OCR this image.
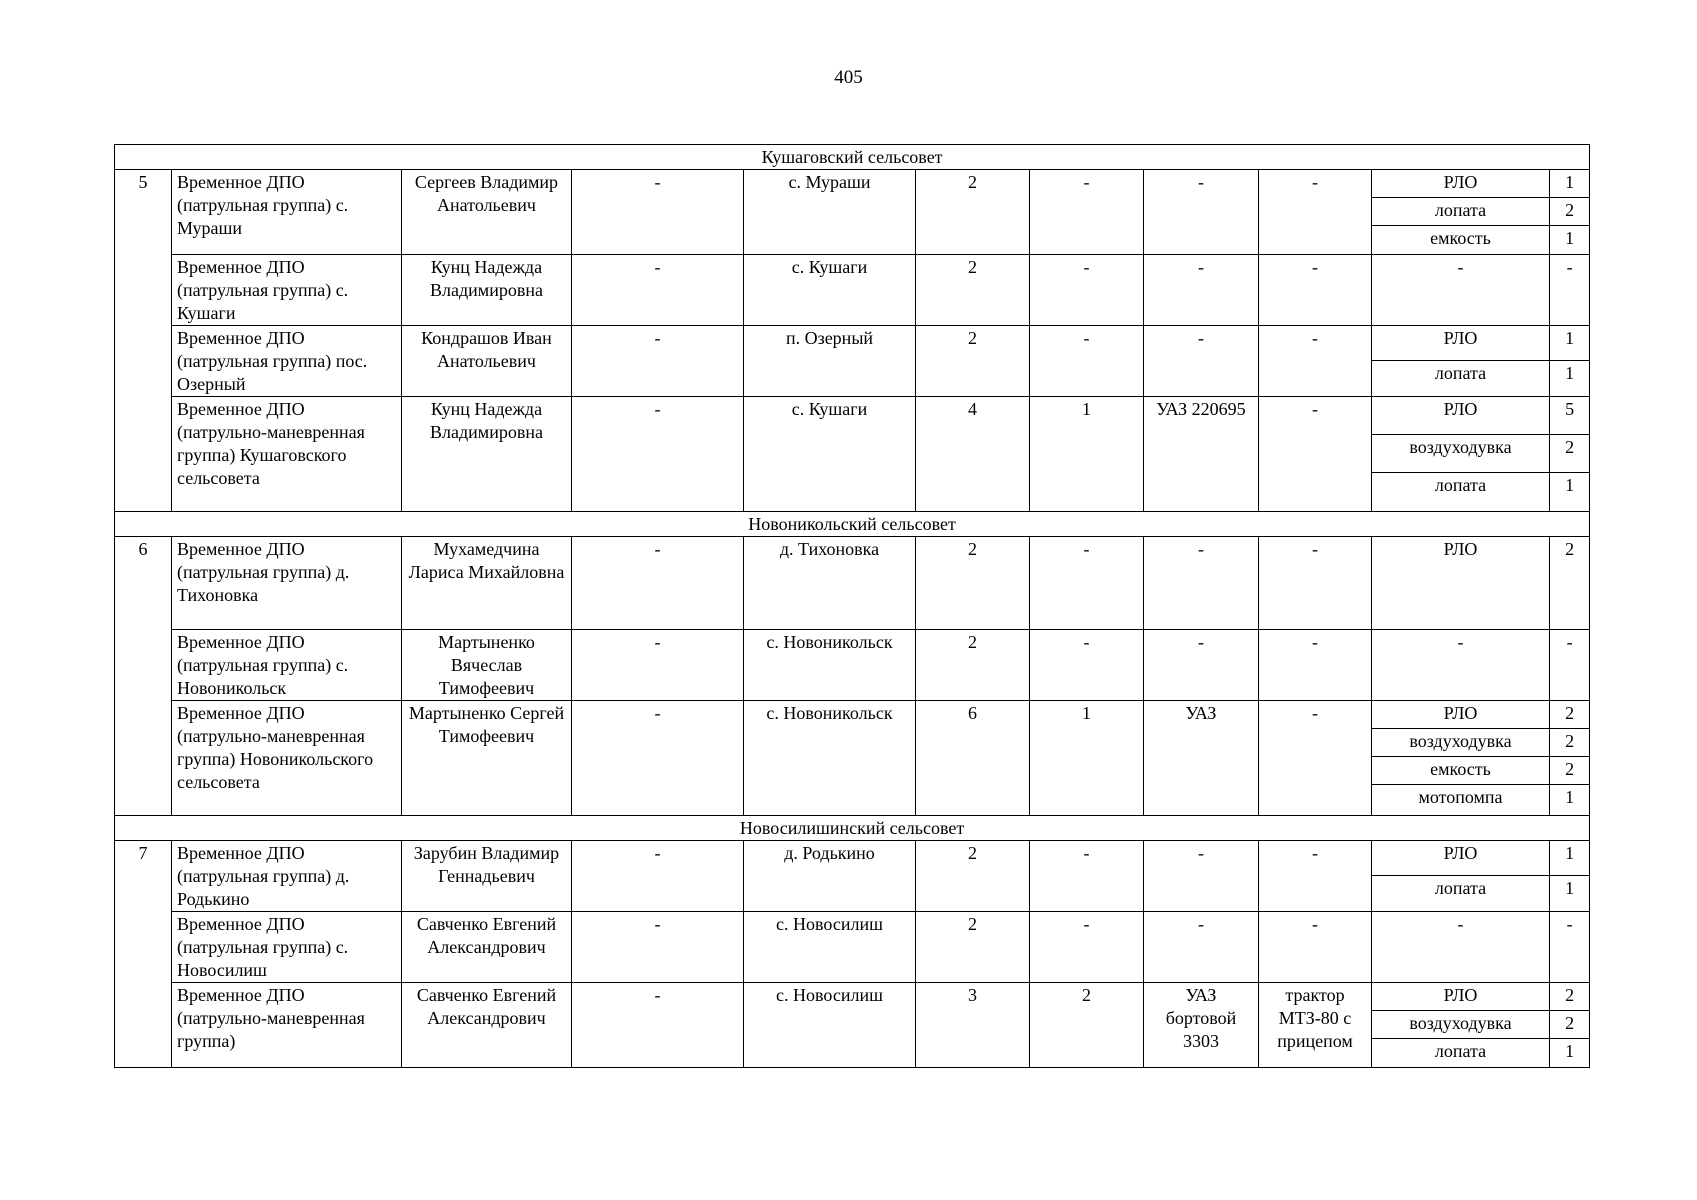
405
Кушаговский сельсовет										
5	Временное ДПО (патрульная группа) с. Мураши	Сергеев Владимир Анатольевич	-	с. Мураши	2	-	-	-	РЛО	1
									лопата	2
									емкость	1
	Временное ДПО (патрульная группа) с. Кушаги	Кунц Надежда Владимировна	-	с. Кушаги	2	-	-	-	-	-
	Временное ДПО (патрульная группа) пос. Озерный	Кондрашов Иван Анатольевич	-	п. Озерный	2	-	-	-	РЛО	1
									лопата	1
	Временное ДПО (патрульно-маневренная группа) Кушаговского сельсовета	Кунц Надежда Владимировна	-	с. Кушаги	4	1	УАЗ 220695	-	РЛО	5
									воздуходувка	2
									лопата	1
Новоникольский сельсовет										
6	Временное ДПО (патрульная группа) д. Тихоновка	Мухамедчина Лариса Михайловна	-	д. Тихоновка	2	-	-	-	РЛО	2
	Временное ДПО (патрульная группа) с. Новоникольск	Мартыненко Вячеслав Тимофеевич	-	с. Новоникольск	2	-	-	-	-	-
	Временное ДПО (патрульно-маневренная группа) Новоникольского сельсовета	Мартыненко Сергей Тимофеевич	-	с. Новоникольск	6	1	УАЗ	-	РЛО	2
									воздуходувка	2
									емкость	2
									мотопомпа	1
Новосилишинский сельсовет										
7	Временное ДПО (патрульная группа) д. Родькино	Зарубин Владимир Геннадьевич	-	д. Родькино	2	-	-	-	РЛО	1
									лопата	1
	Временное ДПО (патрульная группа) с. Новосилиш	Савченко Евгений Александрович	-	с. Новосилиш	2	-	-	-	-	-
	Временное ДПО (патрульно-маневренная группа)	Савченко Евгений Александрович	-	с. Новосилиш	3	2	УАЗ бортовой 3303	трактор МТЗ-80 с прицепом	РЛО	2
									воздуходувка	2
									лопата	1
